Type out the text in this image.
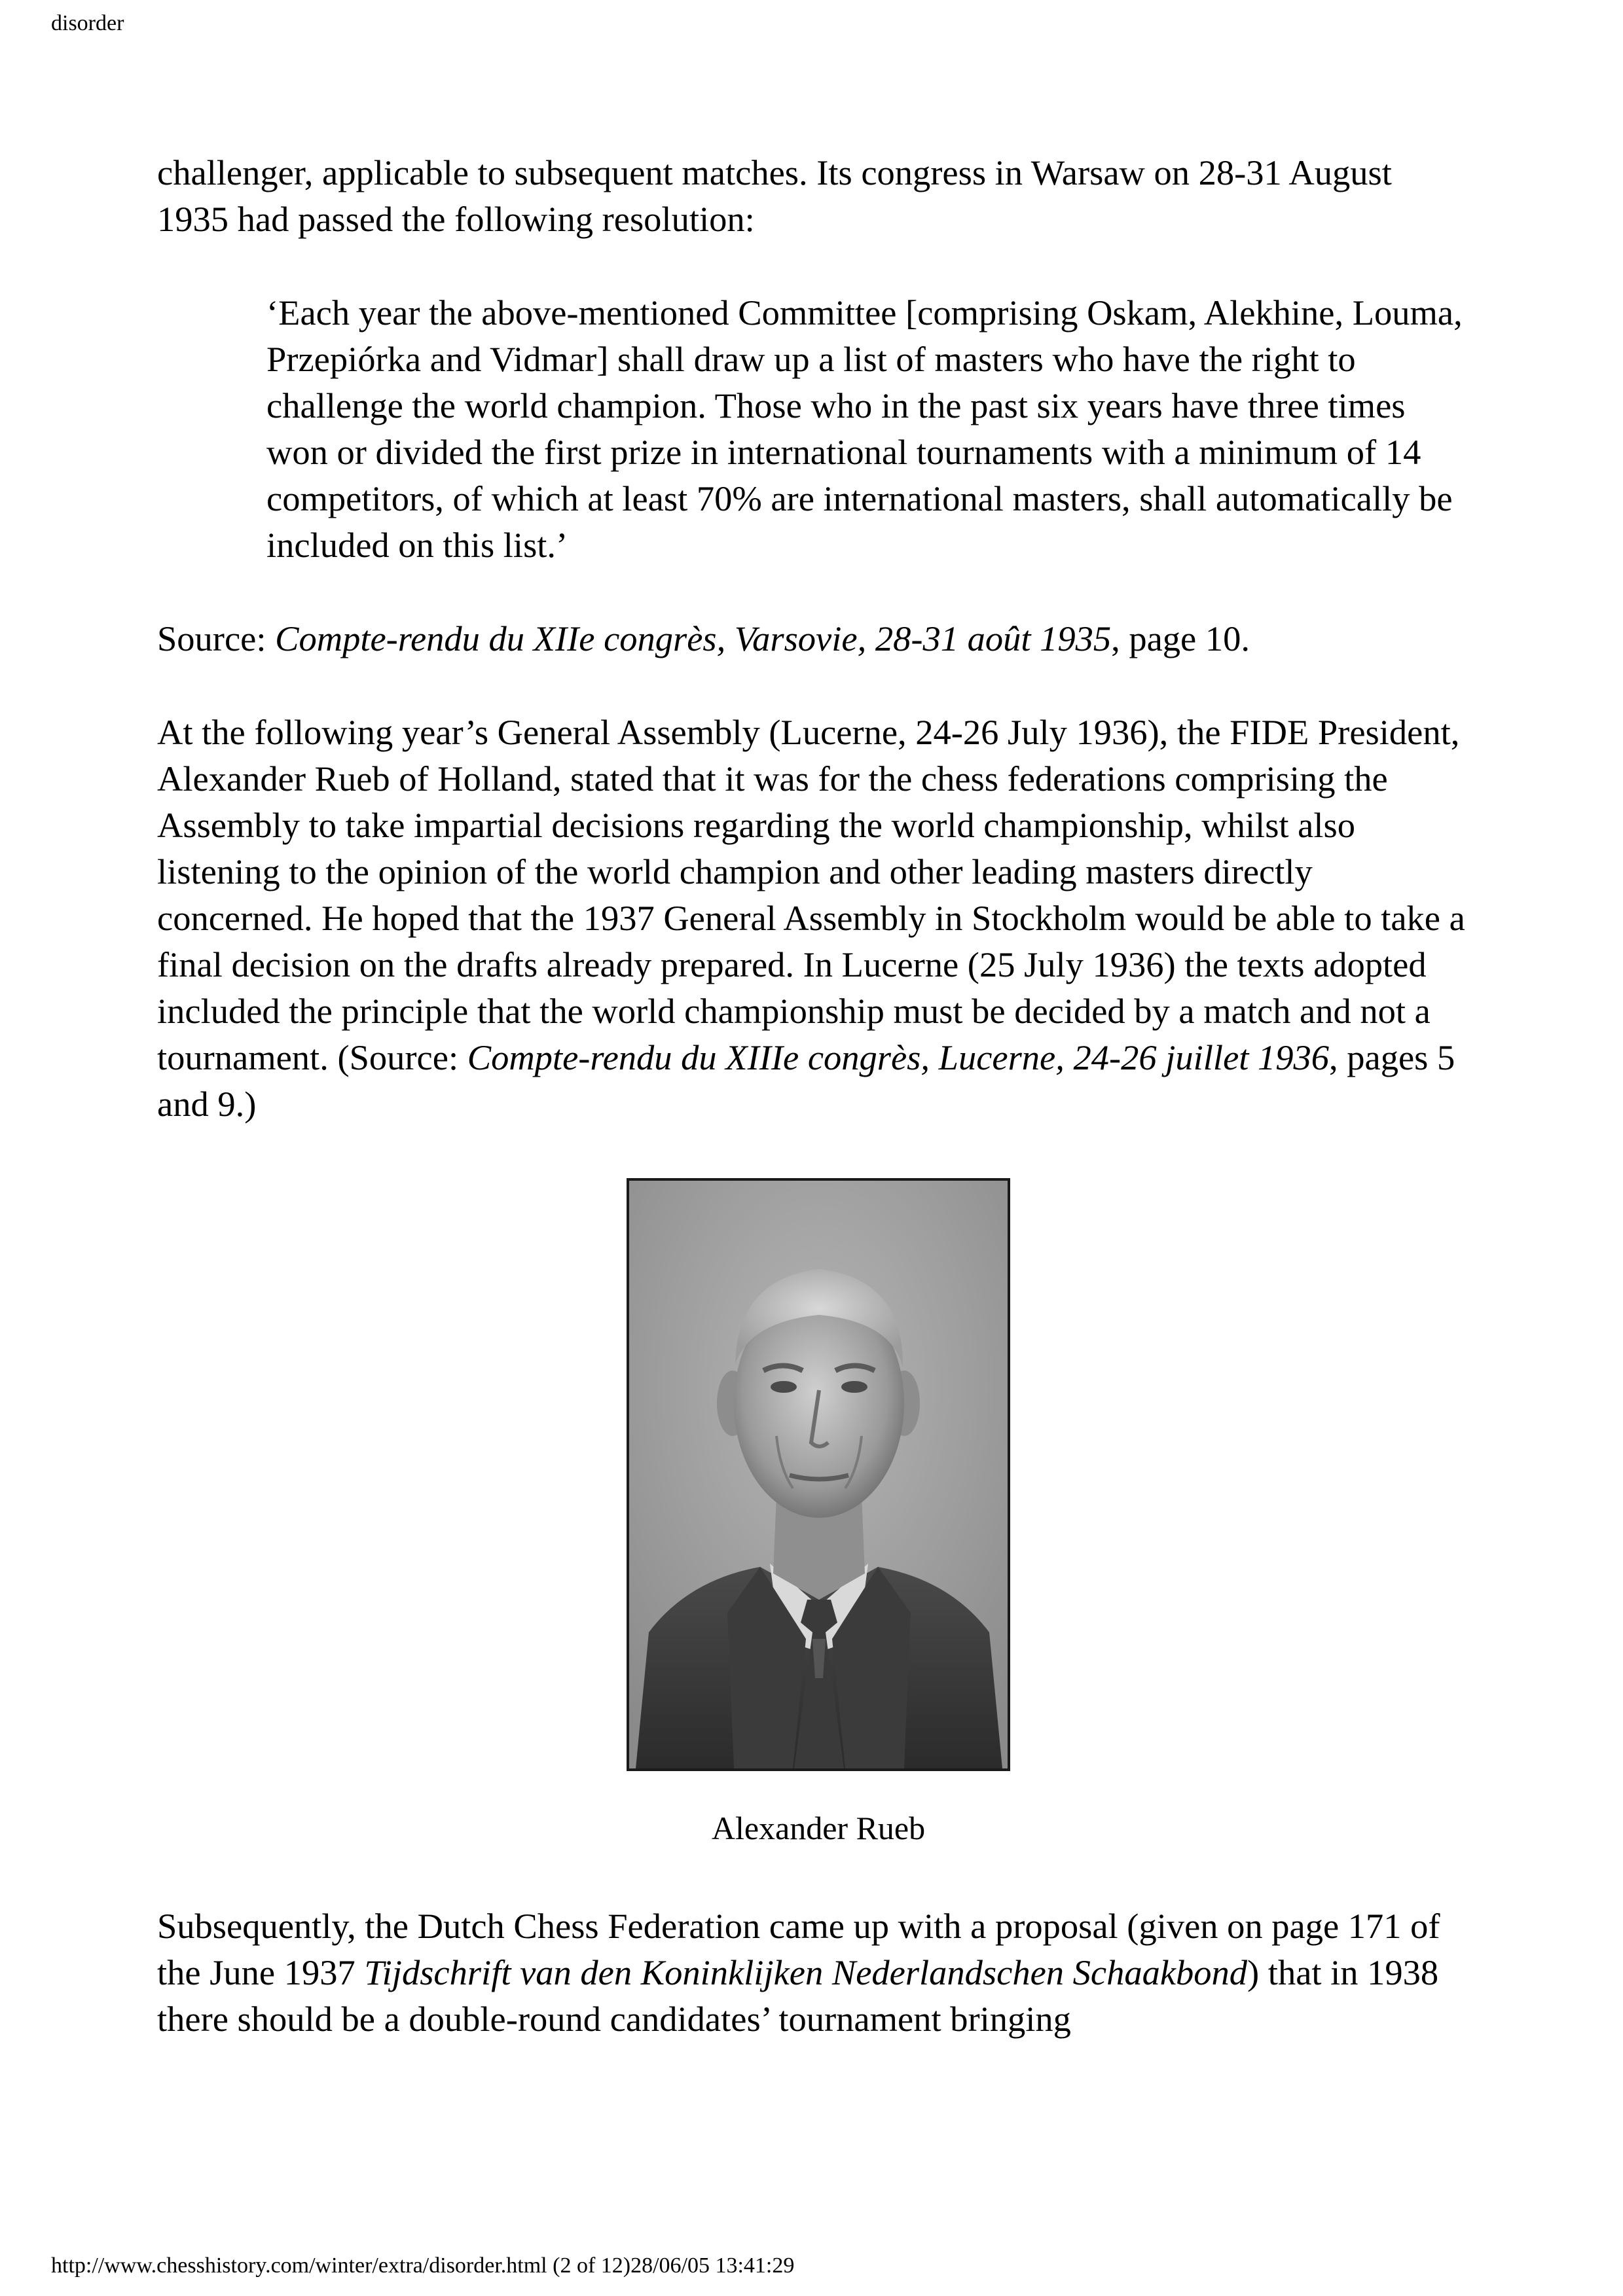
disorder

challenger, applicable to subsequent matches. Its congress in Warsaw on 28-31 August 1935 had passed the following resolution:

‘Each year the above-mentioned Committee [comprising Oskam, Alekhine, Louma, Przepiórka and Vidmar] shall draw up a list of masters who have the right to challenge the world champion. Those who in the past six years have three times won or divided the first prize in international tournaments with a minimum of 14 competitors, of which at least 70% are international masters, shall automatically be included on this list.’

Source: Compte-rendu du XIIe congrès, Varsovie, 28-31 août 1935, page 10.

At the following year’s General Assembly (Lucerne, 24-26 July 1936), the FIDE President, Alexander Rueb of Holland, stated that it was for the chess federations comprising the Assembly to take impartial decisions regarding the world championship, whilst also listening to the opinion of the world champion and other leading masters directly concerned. He hoped that the 1937 General Assembly in Stockholm would be able to take a final decision on the drafts already prepared. In Lucerne (25 July 1936) the texts adopted included the principle that the world championship must be decided by a match and not a tournament. (Source: Compte-rendu du XIIIe congrès, Lucerne, 24-26 juillet 1936, pages 5 and 9.)

Alexander Rueb

Subsequently, the Dutch Chess Federation came up with a proposal (given on page 171 of the June 1937 Tijdschrift van den Koninklijken Nederlandschen Schaakbond) that in 1938 there should be a double-round candidates’ tournament bringing

http://www.chesshistory.com/winter/extra/disorder.html (2 of 12)28/06/05 13:41:29
